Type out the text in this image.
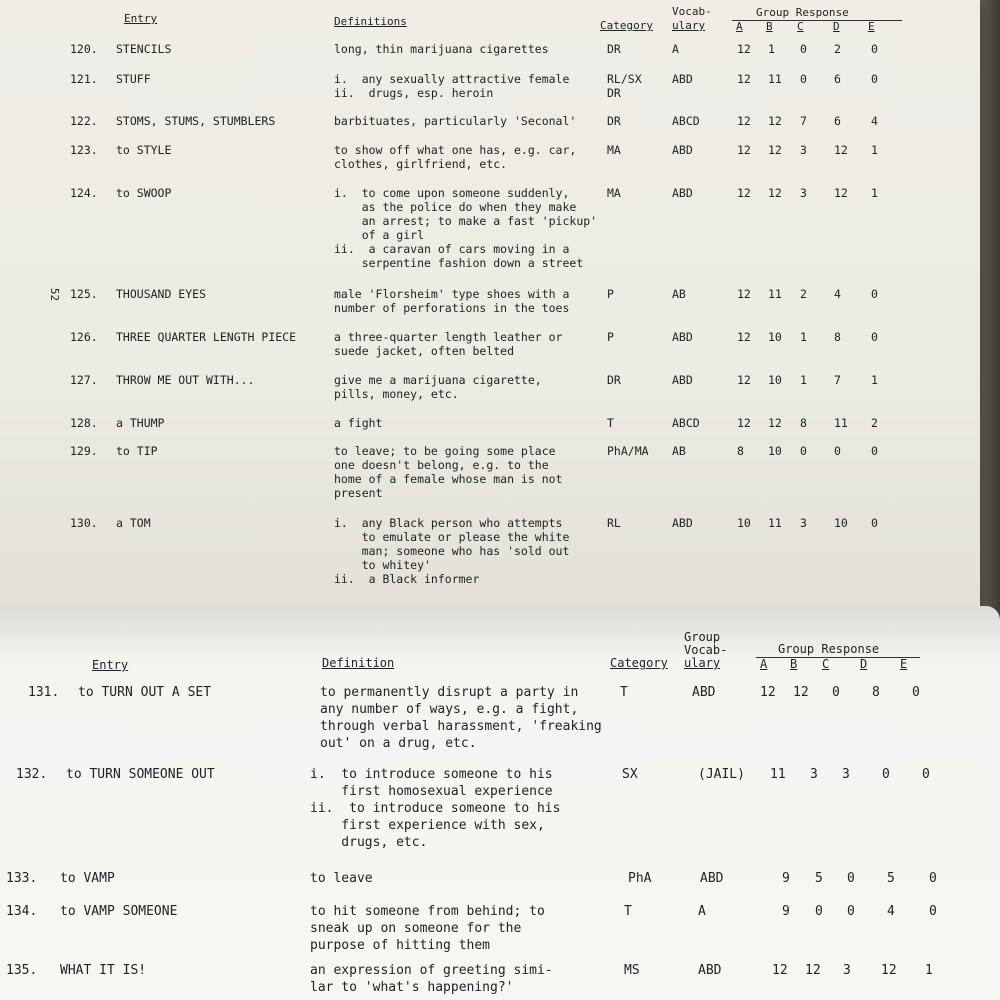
52
Entry	Definitions	Category
Vocab-
ulary
Group Response
A B C	D	E
120. STENCILS	long, thin marijuana cigarettes	DR	A	12 1 0 2	0
121. STUFF	i.  any sexually attractive female
ii.  drugs, esp. heroin
RL/SX
DR
ABD	12 11 0 6	0
122. STOMS, STUMS, STUMBLERS	barbituates, particularly 'Seconal'	DR	ABCD	12 12 7 6	4
123. to STYLE	to show off what one has, e.g. car,
clothes, girlfriend, etc.
MA	ABD	12 12 3 12 1
124. to SWOOP	i.  to come upon someone suddenly,
as the police do when they make
an arrest; to make a fast 'pickup'
of a girl
ii.  a caravan of cars moving in a
serpentine fashion down a street
MA	ABD	12 12 3 12 1
125. THOUSAND EYES	male 'Florsheim' type shoes with a
number of perforations in the toes
P	AB	12 11 2 4	0
126. THREE QUARTER LENGTH PIECE	a three-quarter length leather or
suede jacket, often belted
P	ABD	12 10 1 8	0
127. THROW ME OUT WITH...	give me a marijuana cigarette,
pills, money, etc.
DR	ABD	12 10 1 7	1
128. a THUMP	a fight	T	ABCD	12 12 8 11 2
129. to TIP	to leave; to be going some place
one doesn't belong, e.g. to the
home of a female whose man is not
present
PhA/MA AB	8 10 0 0	0
130. a TOM	i.  any Black person who attempts
to emulate or please the white
man; someone who has 'sold out
to whitey'
ii.  a Black informer
RL	ABD	10 11 3 10 0
Entry	Definition	Category
Group
Vocab-
ulary
Group Response
A B C	D	E
131. to TURN OUT A SET	to permanently disrupt a party in
any number of ways, e.g. a fight,
through verbal harassment, 'freaking
out' on a drug, etc.
T	ABD	12 12 0 8 0
132. to TURN SOMEONE OUT	i.  to introduce someone to his
first homosexual experience
ii.  to introduce someone to his
first experience with sex,
drugs, etc.
SX	(JAIL) 11 3 3 0 0
133. to VAMP	to leave	PhA	ABD	9 5 0 5	0
134. to VAMP SOMEONE	to hit someone from behind; to
sneak up on someone for the
purpose of hitting them
T	A	9 0 0 4	0
135. WHAT IT IS!	an expression of greeting simi-
lar to 'what's happening?'
MS	ABD	12 12 3 12 1
